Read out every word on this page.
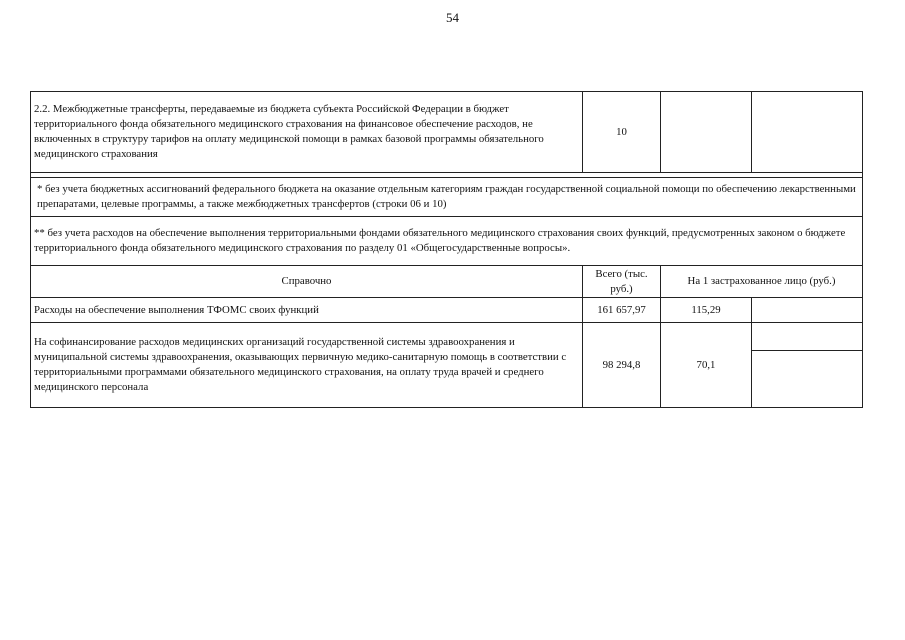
54
2.2. Межбюджетные трансферты, передаваемые из бюджета субъекта Российской Федерации в бюджет территориального фонда обязательного медицинского страхования на финансовое обеспечение расходов, не включенных в структуру тарифов на оплату медицинской помощи в рамках базовой программы обязательного медицинского страхования	10		

* без учета бюджетных ассигнований федерального бюджета на оказание отдельным категориям граждан государственной социальной помощи по обеспечению лекарственными препаратами, целевые программы, а также межбюджетных трансфертов (строки 06 и 10)			
** без учета расходов на обеспечение выполнения территориальными фондами обязательного медицинского страхования своих функций, предусмотренных законом о бюджете территориального фонда обязательного медицинского страхования по разделу 01 «Общегосударственные вопросы».			
Справочно	Всего (тыс. руб.)	На 1 застрахованное лицо (руб.)	
Расходы на обеспечение выполнения ТФОМС своих функций	161 657,97	115,29	
На софинансирование расходов медицинских организаций государственной системы здравоохранения и муниципальной системы здравоохранения, оказывающих первичную медико-санитарную помощь в соответствии с территориальными программами обязательного медицинского страхования, на оплату труда врачей и среднего медицинского персонала	98 294,8	70,1	
